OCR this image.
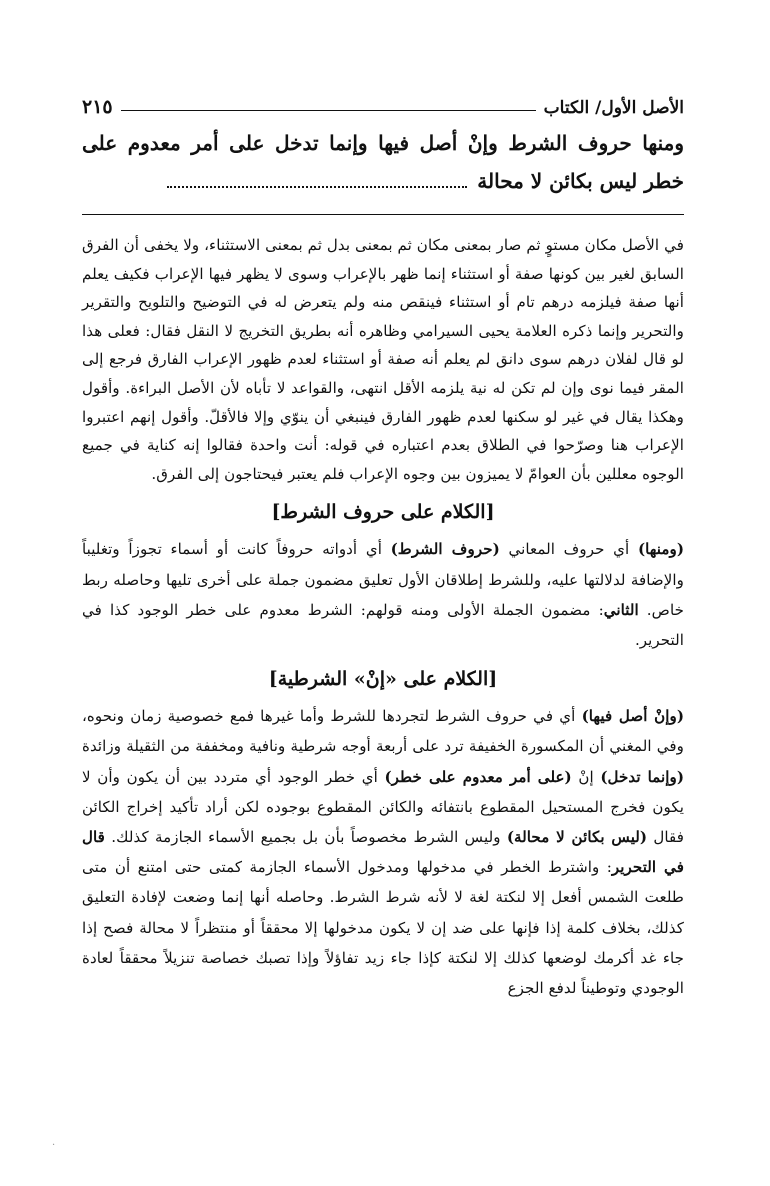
الأصل الأول/ الكتاب
٢١٥
ومنها حروف الشرط وإنْ أصل فيها وإنما تدخل على أمر معدوم على خطر ليس بكائن لا محالة

في الأصل مكان مستوٍ ثم صار بمعنى مكان ثم بمعنى بدل ثم بمعنى الاستثناء، ولا يخفى أن الفرق السابق لغير بين كونها صفة أو استثناء إنما ظهر بالإعراب وسوى لا يظهر فيها الإعراب فكيف يعلم أنها صفة فيلزمه درهم تام أو استثناء فينقص منه ولم يتعرض له في التوضيح والتلويح والتقرير والتحرير وإنما ذكره العلامة يحيى السيرامي وظاهره أنه بطريق التخريج لا النقل فقال: فعلى هذا لو قال لفلان درهم سوى دانق لم يعلم أنه صفة أو استثناء لعدم ظهور الإعراب الفارق فرجع إلى المقر فيما نوى وإن لم تكن له نية يلزمه الأقل انتهى، والقواعد لا تأباه لأن الأصل البراءة. وأقول وهكذا يقال في غير لو سكنها لعدم ظهور الفارق فينبغي أن ينوّي وإلا فالأقلّ. وأقول إنهم اعتبروا الإعراب هنا وصرّحوا في الطلاق بعدم اعتباره في قوله: أنت واحدة فقالوا إنه كناية في جميع الوجوه معللين بأن العوامّ لا يميزون بين وجوه الإعراب فلم يعتبر فيحتاجون إلى الفرق.

[الكلام على حروف الشرط]

(ومنها) أي حروف المعاني (حروف الشرط) أي أدواته حروفاً كانت أو أسماء تجوزاً وتغليباً والإضافة لدلالتها عليه، وللشرط إطلاقان الأول تعليق مضمون جملة على أخرى تليها وحاصله ربط خاص. الثاني: مضمون الجملة الأولى ومنه قولهم: الشرط معدوم على خطر الوجود كذا في التحرير.

[الكلام على «إنْ» الشرطية]

(وإنْ أصل فيها) أي في حروف الشرط لتجردها للشرط وأما غيرها فمع خصوصية زمان ونحوه، وفي المغني أن المكسورة الخفيفة ترد على أربعة أوجه شرطية ونافية ومخففة من الثقيلة وزائدة (وإنما تدخل) إنْ (على أمر معدوم على خطر) أي خطر الوجود أي متردد بين أن يكون وأن لا يكون فخرج المستحيل المقطوع بانتفائه والكائن المقطوع بوجوده لكن أراد تأكيد إخراج الكائن فقال (ليس بكائن لا محالة) وليس الشرط مخصوصاً بأن بل بجميع الأسماء الجازمة كذلك. قال في التحرير: واشترط الخطر في مدخولها ومدخول الأسماء الجازمة كمتى حتى امتنع أن متى طلعت الشمس أفعل إلا لنكتة لغة لا لأنه شرط الشرط. وحاصله أنها إنما وضعت لإفادة التعليق كذلك، بخلاف كلمة إذا فإنها على ضد إن لا يكون مدخولها إلا محققاً أو منتظراً لا محالة فصح إذا جاء غد أكرمك لوضعها كذلك إلا لنكتة كإذا جاء زيد تفاؤلاً وإذا تصبك خصاصة تنزيلاً محققاً لعادة الوجودي وتوطيناً لدفع الجزع

·
